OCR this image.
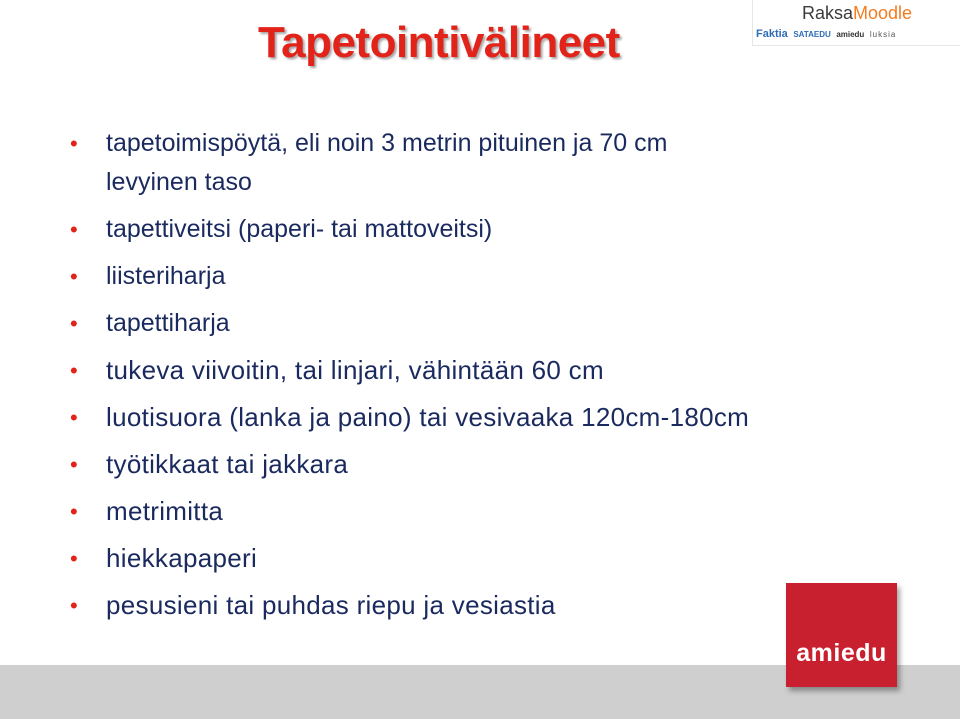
Tapetointivälineet
RaksaMoodle
Faktia SATAEDU amiedu luksia
• tapetoimispöytä, eli noin 3 metrin pituinen ja 70 cm
levyinen taso
• tapettiveitsi (paperi- tai mattoveitsi)
• liisteriharja
• tapettiharja
• tukeva viivoitin, tai linjari, vähintään 60 cm
• luotisuora (lanka ja paino) tai vesivaaka 120cm-180cm
• työtikkaat tai jakkara
• metrimitta
• hiekkapaperi
• pesusieni tai puhdas riepu ja vesiastia
amiedu
